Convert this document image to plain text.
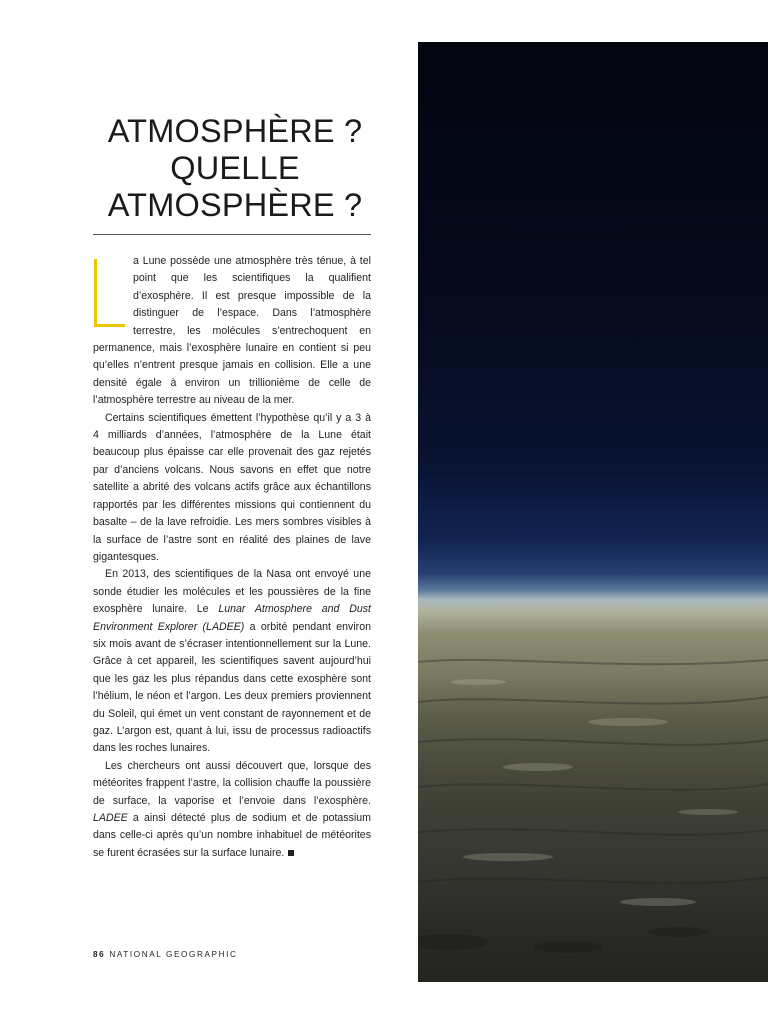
ATMOSPHÈRE ?
QUELLE
ATMOSPHÈRE ?

a Lune possède une atmosphère très ténue, à tel point que les scientifiques la qualifient d’exosphère. Il est presque impossible de la distinguer de l’espace. Dans l’atmosphère terrestre, les molécules s’entrechoquent en permanence, mais l’exosphère lunaire en contient si peu qu’elles n’entrent presque jamais en collision. Elle a une densité égale à environ un trillionième de celle de l’atmosphère terrestre au niveau de la mer.

Certains scientifiques émettent l’hypothèse qu’il y a 3 à 4 milliards d’années, l’atmosphère de la Lune était beaucoup plus épaisse car elle provenait des gaz rejetés par d’anciens volcans. Nous savons en effet que notre satellite a abrité des volcans actifs grâce aux échantillons rapportés par les différentes missions qui contiennent du basalte – de la lave refroidie. Les mers sombres visibles à la surface de l’astre sont en réalité des plaines de lave gigantesques.

En 2013, des scientifiques de la Nasa ont envoyé une sonde étudier les molécules et les poussières de la fine exosphère lunaire. Le Lunar Atmosphere and Dust Environment Explorer (LADEE) a orbité pendant environ six mois avant de s’écraser intentionnellement sur la Lune. Grâce à cet appareil, les scientifiques savent aujourd’hui que les gaz les plus répandus dans cette exosphère sont l’hélium, le néon et l’argon. Les deux premiers proviennent du Soleil, qui émet un vent constant de rayonnement et de gaz. L’argon est, quant à lui, issu de processus radioactifs dans les roches lunaires.

Les chercheurs ont aussi découvert que, lorsque des météorites frappent l’astre, la collision chauffe la poussière de surface, la vaporise et l’envoie dans l’exosphère. LADEE a ainsi détecté plus de sodium et de potassium dans celle-ci après qu’un nombre inhabituel de météorites se furent écrasées sur la surface lunaire.

86 NATIONAL GEOGRAPHIC
